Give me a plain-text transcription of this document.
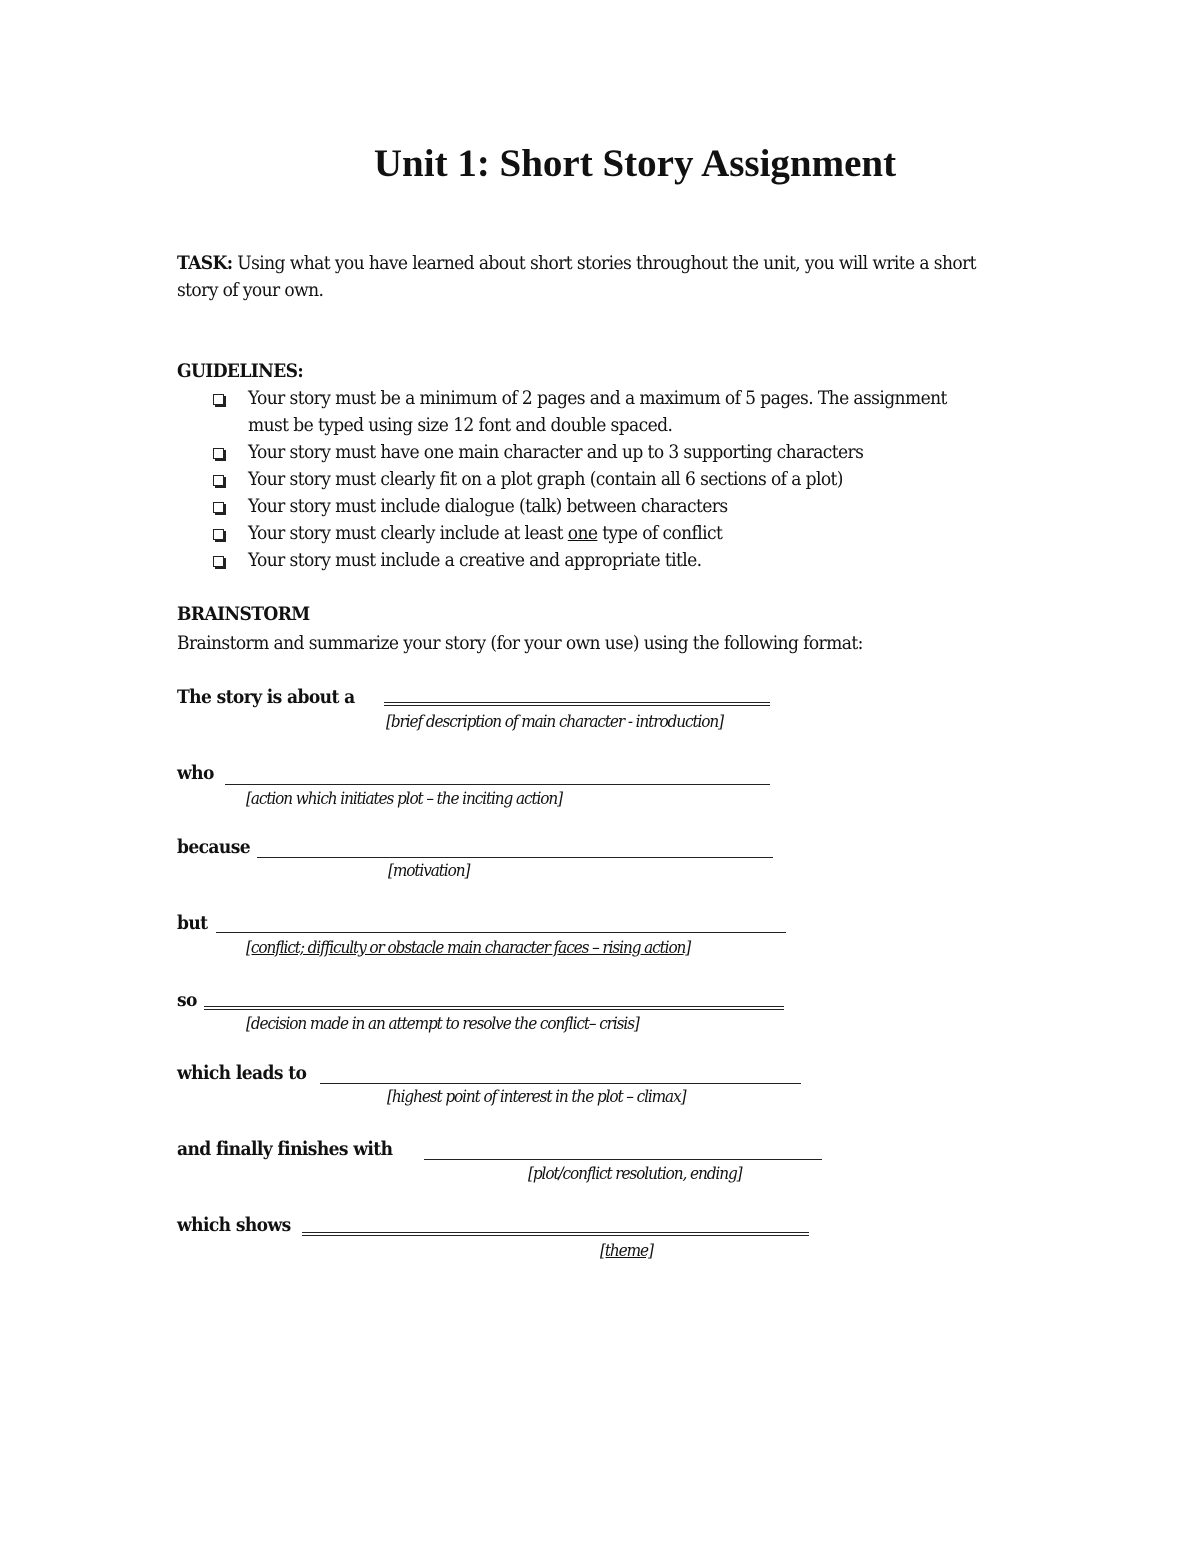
Unit 1: Short Story Assignment

TASK: Using what you have learned about short stories throughout the unit, you will write a short story of your own.

GUIDELINES:

Your story must be a minimum of 2 pages and a maximum of 5 pages. The assignment must be typed using size 12 font and double spaced.
Your story must have one main character and up to 3 supporting characters
Your story must clearly fit on a plot graph (contain all 6 sections of a plot)
Your story must include dialogue (talk) between characters
Your story must clearly include at least one type of conflict
Your story must include a creative and appropriate title.

BRAINSTORM

Brainstorm and summarize your story (for your own use) using the following format:

The story is about a

[brief description of main character - introduction]

who

[action which initiates plot – the inciting action]

because

[motivation]

but

[conflict; difficulty or obstacle main character faces – rising action]

so

[decision made in an attempt to resolve the conflict– crisis]

which leads to

[highest point of interest in the plot – climax]

and finally finishes with

[plot/conflict resolution, ending]

which shows

[theme]
